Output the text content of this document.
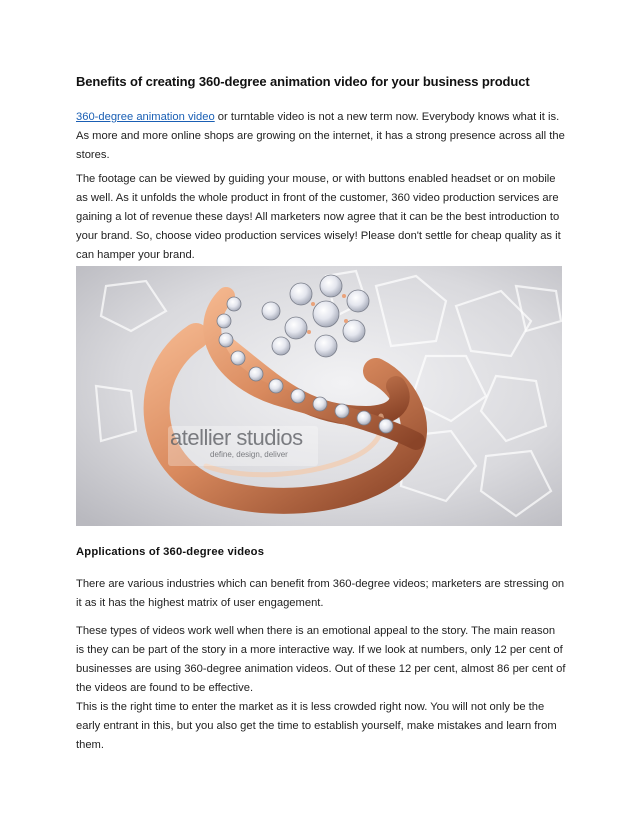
Benefits of creating 360-degree animation video for your business product

360-degree animation video or turntable video is not a new term now. Everybody knows what it is. As more and more online shops are growing on the internet, it has a strong presence across all the stores.

The footage can be viewed by guiding your mouse, or with buttons enabled headset or on mobile as well. As it unfolds the whole product in front of the customer, 360 video production services are gaining a lot of revenue these days! All marketers now agree that it can be the best introduction to your brand. So, choose video production services wisely! Please don't settle for cheap quality as it can hamper your brand.

atellier studios
define, design, deliver
Applications of 360-degree videos

There are various industries which can benefit from 360-degree videos; marketers are stressing on it as it has the highest matrix of user engagement.

These types of videos work well when there is an emotional appeal to the story. The main reason is they can be part of the story in a more interactive way. If we look at numbers, only 12 per cent of businesses are using 360-degree animation videos. Out of these 12 per cent, almost 86 per cent of the videos are found to be effective.

This is the right time to enter the market as it is less crowded right now. You will not only be the early entrant in this, but you also get the time to establish yourself, make mistakes and learn from them.
